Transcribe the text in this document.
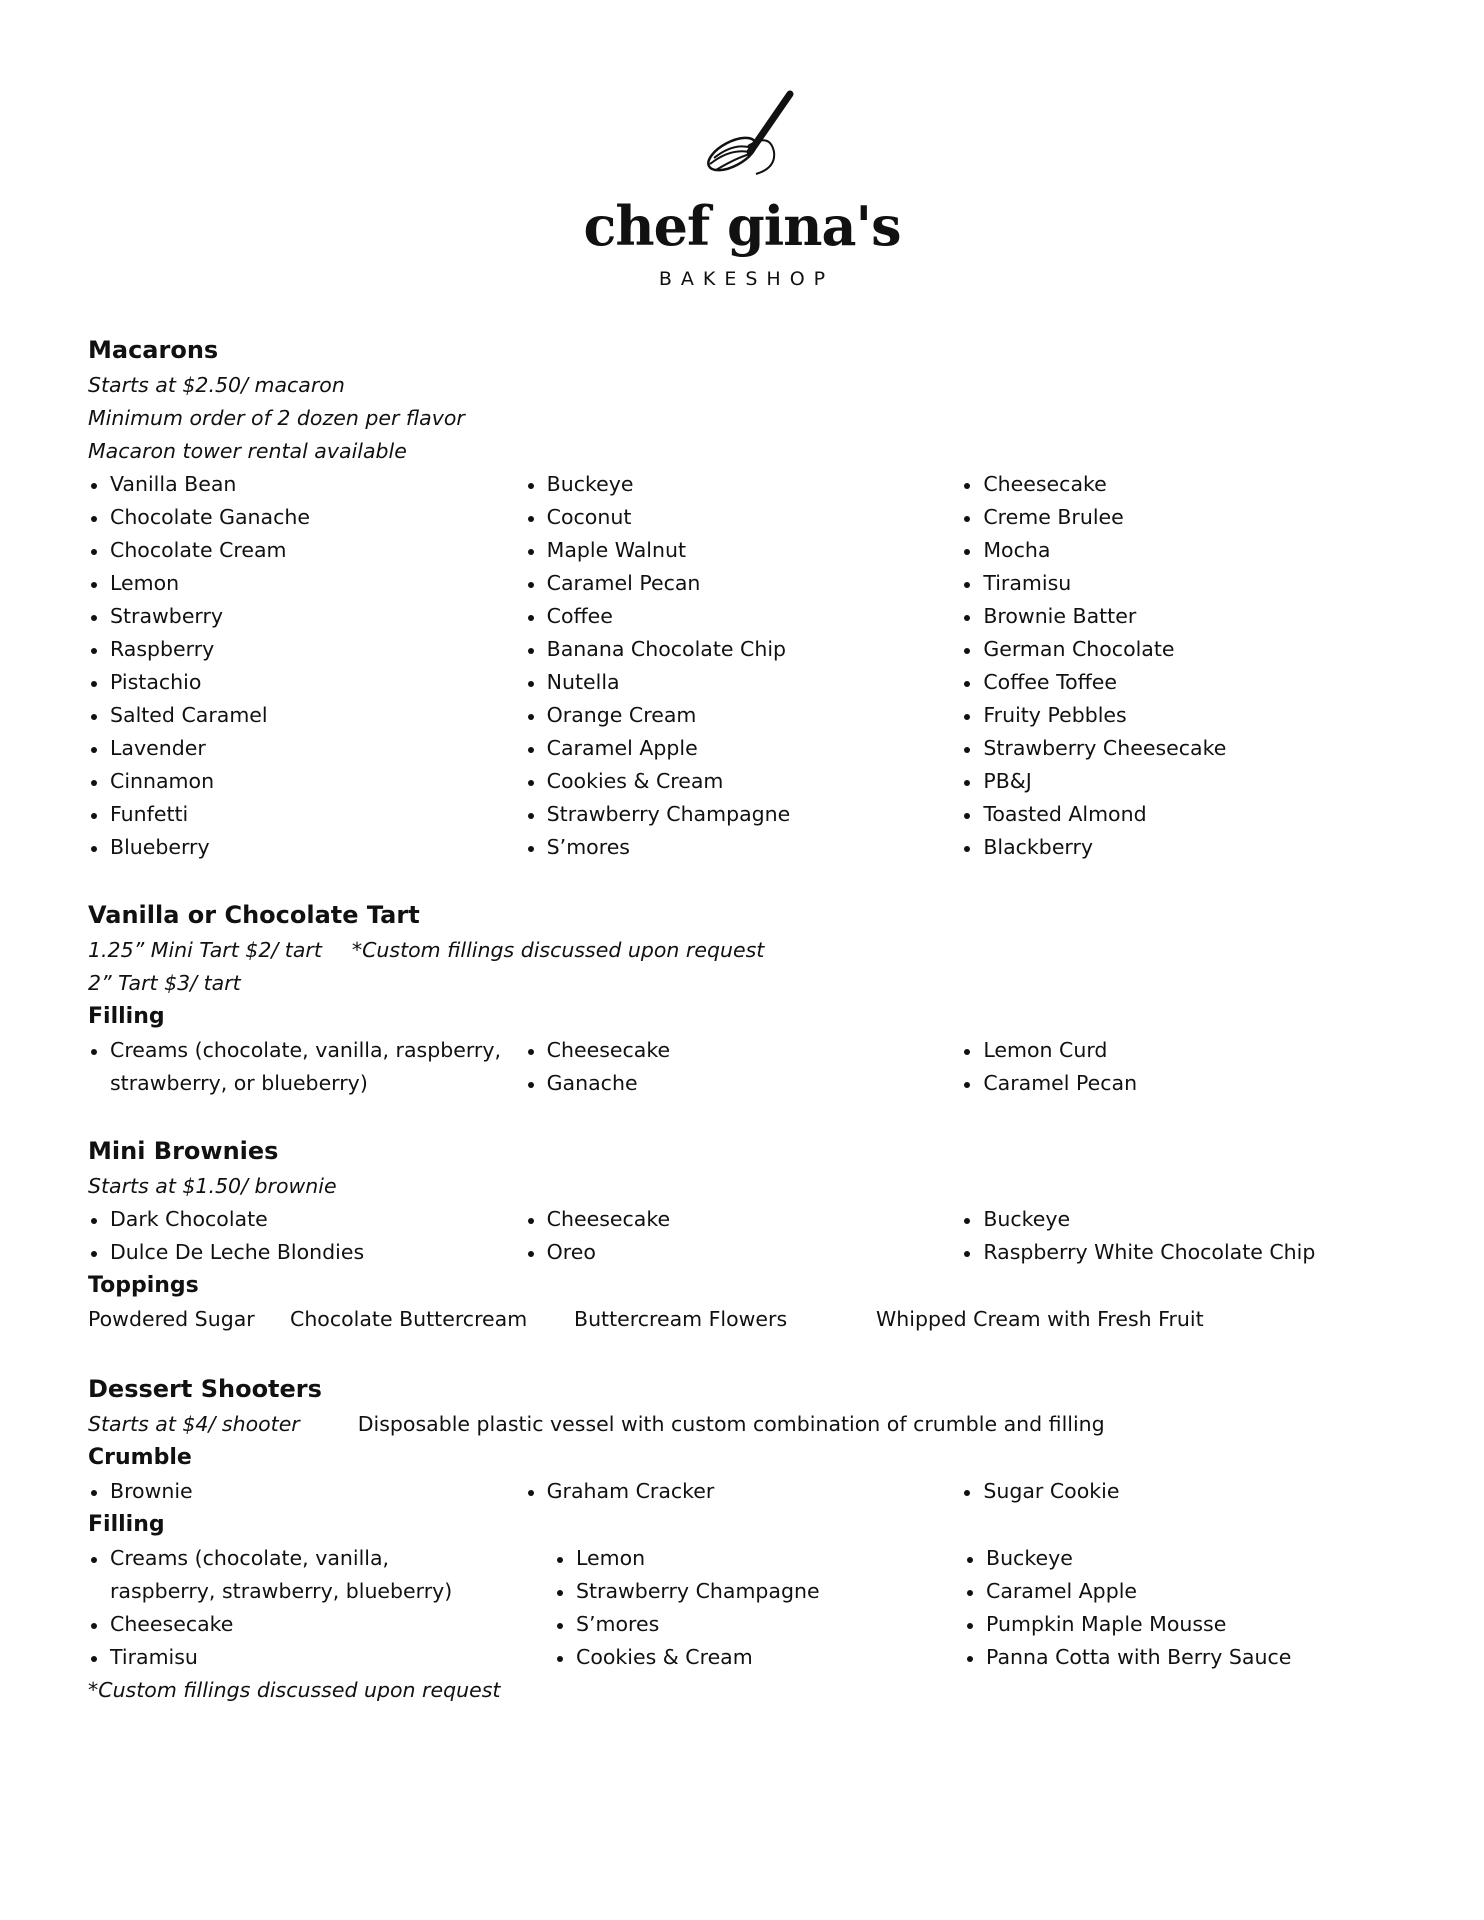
chef gina's
BAKESHOP
Macarons
Starts at $2.50/ macaron
Minimum order of 2 dozen per flavor
Macaron tower rental available
Vanilla Bean
Chocolate Ganache
Chocolate Cream
Lemon
Strawberry
Raspberry
Pistachio
Salted Caramel
Lavender
Cinnamon
Funfetti
Blueberry
Buckeye
Coconut
Maple Walnut
Caramel Pecan
Coffee
Banana Chocolate Chip
Nutella
Orange Cream
Caramel Apple
Cookies & Cream
Strawberry Champagne
S’mores
Cheesecake
Creme Brulee
Mocha
Tiramisu
Brownie Batter
German Chocolate
Coffee Toffee
Fruity Pebbles
Strawberry Cheesecake
PB&J
Toasted Almond
Blackberry
Vanilla or Chocolate Tart
1.25” Mini Tart $2/ tart *Custom fillings discussed upon request
2” Tart $3/ tart
Filling
Creams (chocolate, vanilla, raspberry, strawberry, or blueberry)
Cheesecake
Ganache
Lemon Curd
Caramel Pecan
Mini Brownies
Starts at $1.50/ brownie
Dark Chocolate
Dulce De Leche Blondies
Cheesecake
Oreo
Buckeye
Raspberry White Chocolate Chip
Toppings
Powdered Sugar	Chocolate Buttercream	Buttercream Flowers	Whipped Cream with Fresh Fruit
Dessert Shooters
Starts at $4/ shooter	Disposable plastic vessel with custom combination of crumble and filling
Crumble
Brownie	Graham Cracker	Sugar Cookie
Filling
Creams (chocolate, vanilla, raspberry, strawberry, blueberry)
Cheesecake
Tiramisu
Lemon
Strawberry Champagne
S’mores
Cookies & Cream
Buckeye
Caramel Apple
Pumpkin Maple Mousse
Panna Cotta with Berry Sauce
*Custom fillings discussed upon request
